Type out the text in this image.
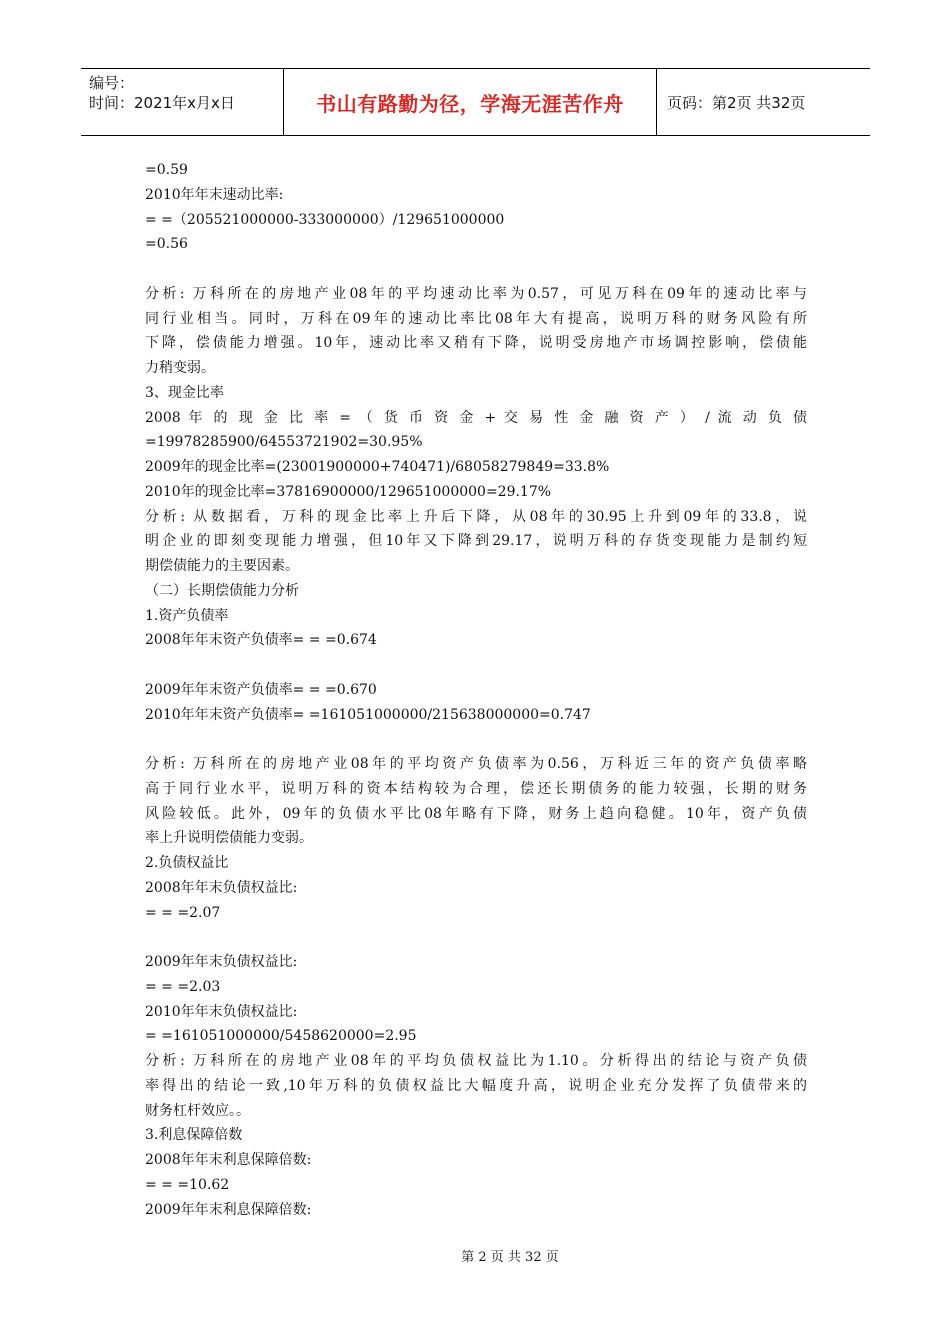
编号：
时间：2021年x月x日	书山有路勤为径，学海无涯苦作舟	页码：第2页 共32页
=0.59
2010年年末速动比率:
= =（205521000000-333000000）/129651000000
=0.56
分析: 万科所在的房地产业08年的平均速动比率为0.57，可见万科在09年的速动比率与
同行业相当。同时，万科在09年的速动比率比08年大有提高，说明万科的财务风险有所
下降，偿债能力增强。10年，速动比率又稍有下降，说明受房地产市场调控影响，偿债能
力稍变弱。
3、现金比率
2008 年 的 现 金 比 率 = （ 货 币 资 金 + 交 易 性 金 融 资 产 ） / 流 动 负 债
=19978285900/64553721902=30.95%
2009年的现金比率=(23001900000+740471)/68058279849=33.8%
2010年的现金比率=37816900000/129651000000=29.17%
分析: 从数据看，万科的现金比率上升后下降，从08年的30.95上升到09年的33.8，说
明企业的即刻变现能力增强，但10年又下降到29.17，说明万科的存货变现能力是制约短
期偿债能力的主要因素。
（二）长期偿债能力分析
1.资产负债率
2008年年末资产负债率= = =0.674
2009年年末资产负债率= = =0.670
2010年年末资产负债率= =161051000000/215638000000=0.747
分析: 万科所在的房地产业08年的平均资产负债率为0.56，万科近三年的资产负债率略
高于同行业水平，说明万科的资本结构较为合理，偿还长期债务的能力较强，长期的财务
风险较低。此外，09年的负债水平比08年略有下降，财务上趋向稳健。10年，资产负债
率上升说明偿债能力变弱。
2.负债权益比
2008年年末负债权益比:
= = =2.07
2009年年末负债权益比:
= = =2.03
2010年年末负债权益比:
= =161051000000/5458620000=2.95
分析: 万科所在的房地产业08年的平均负债权益比为1.10。分析得出的结论与资产负债
率得出的结论一致,10年万科的负债权益比大幅度升高，说明企业充分发挥了负债带来的
财务杠杆效应。。
3.利息保障倍数
2008年年末利息保障倍数:
= = =10.62
2009年年末利息保障倍数:
第 2 页 共 32 页
